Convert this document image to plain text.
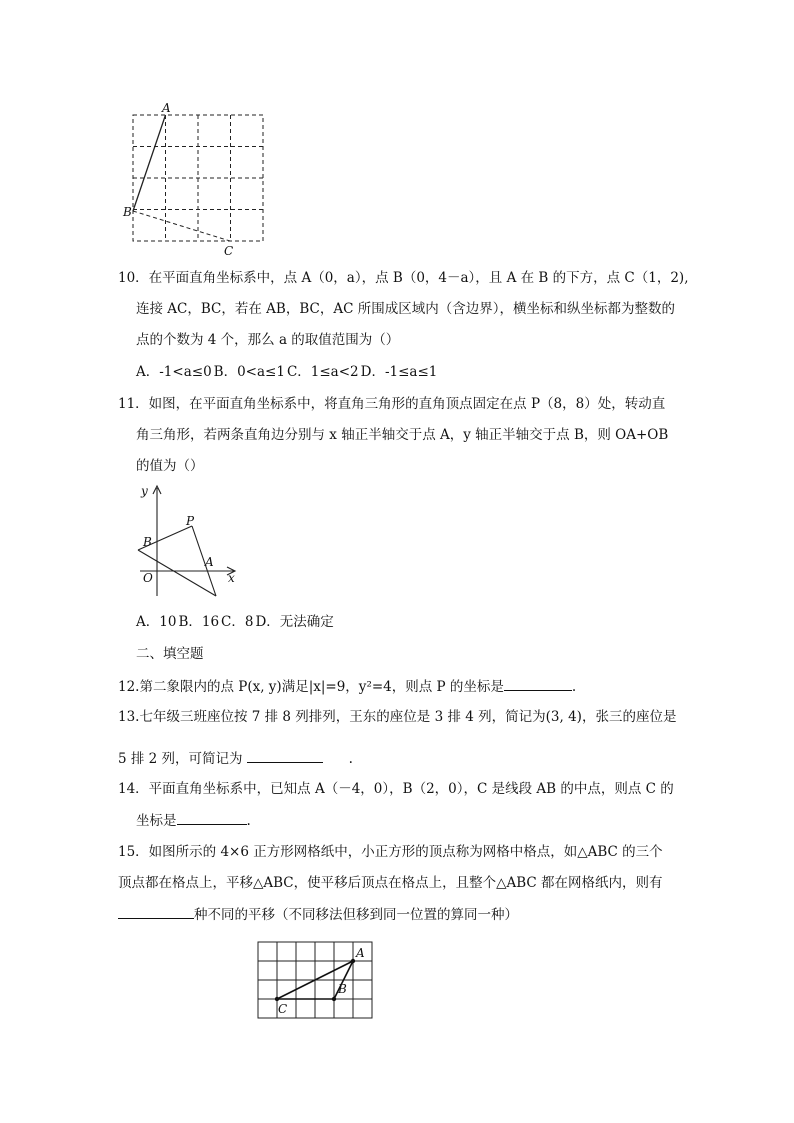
A
B
C
10．在平面直角坐标系中，点 A（0，a），点 B（0，4－a），且 A 在 B 的下方，点 C（1，2),
连接 AC，BC，若在 AB，BC，AC 所围成区域内（含边界），横坐标和纵坐标都为整数的
点的个数为 4 个，那么 a 的取值范围为（）
A．-1<a≤0 B．0<a≤1 C．1≤a<2 D．-1≤a≤1
11．如图，在平面直角坐标系中，将直角三角形的直角顶点固定在点 P（8，8）处，转动直
角三角形，若两条直角边分别与 x 轴正半轴交于点 A，y 轴正半轴交于点 B，则 OA+OB
的值为（）
y
x
P
B
A
O
A．10 B．16 C．8 D．无法确定
二、填空题
12.第二象限内的点 P(x, y)满足|x|=9，y²=4，则点 P 的坐标是	.
13.七年级三班座位按 7 排 8 列排列，王东的座位是 3 排 4 列，简记为(3, 4)，张三的座位是
5 排 2 列，可简记为	.
14．平面直角坐标系中，已知点 A（－4，0），B（2，0），C 是线段 AB 的中点，则点 C 的
坐标是	.
15．如图所示的 4×6 正方形网格纸中，小正方形的顶点称为网格中格点，如△ABC 的三个
顶点都在格点上，平移△ABC，使平移后顶点在格点上，且整个△ABC 都在网格纸内，则有
种不同的平移（不同移法但移到同一位置的算同一种）
A
B
C
